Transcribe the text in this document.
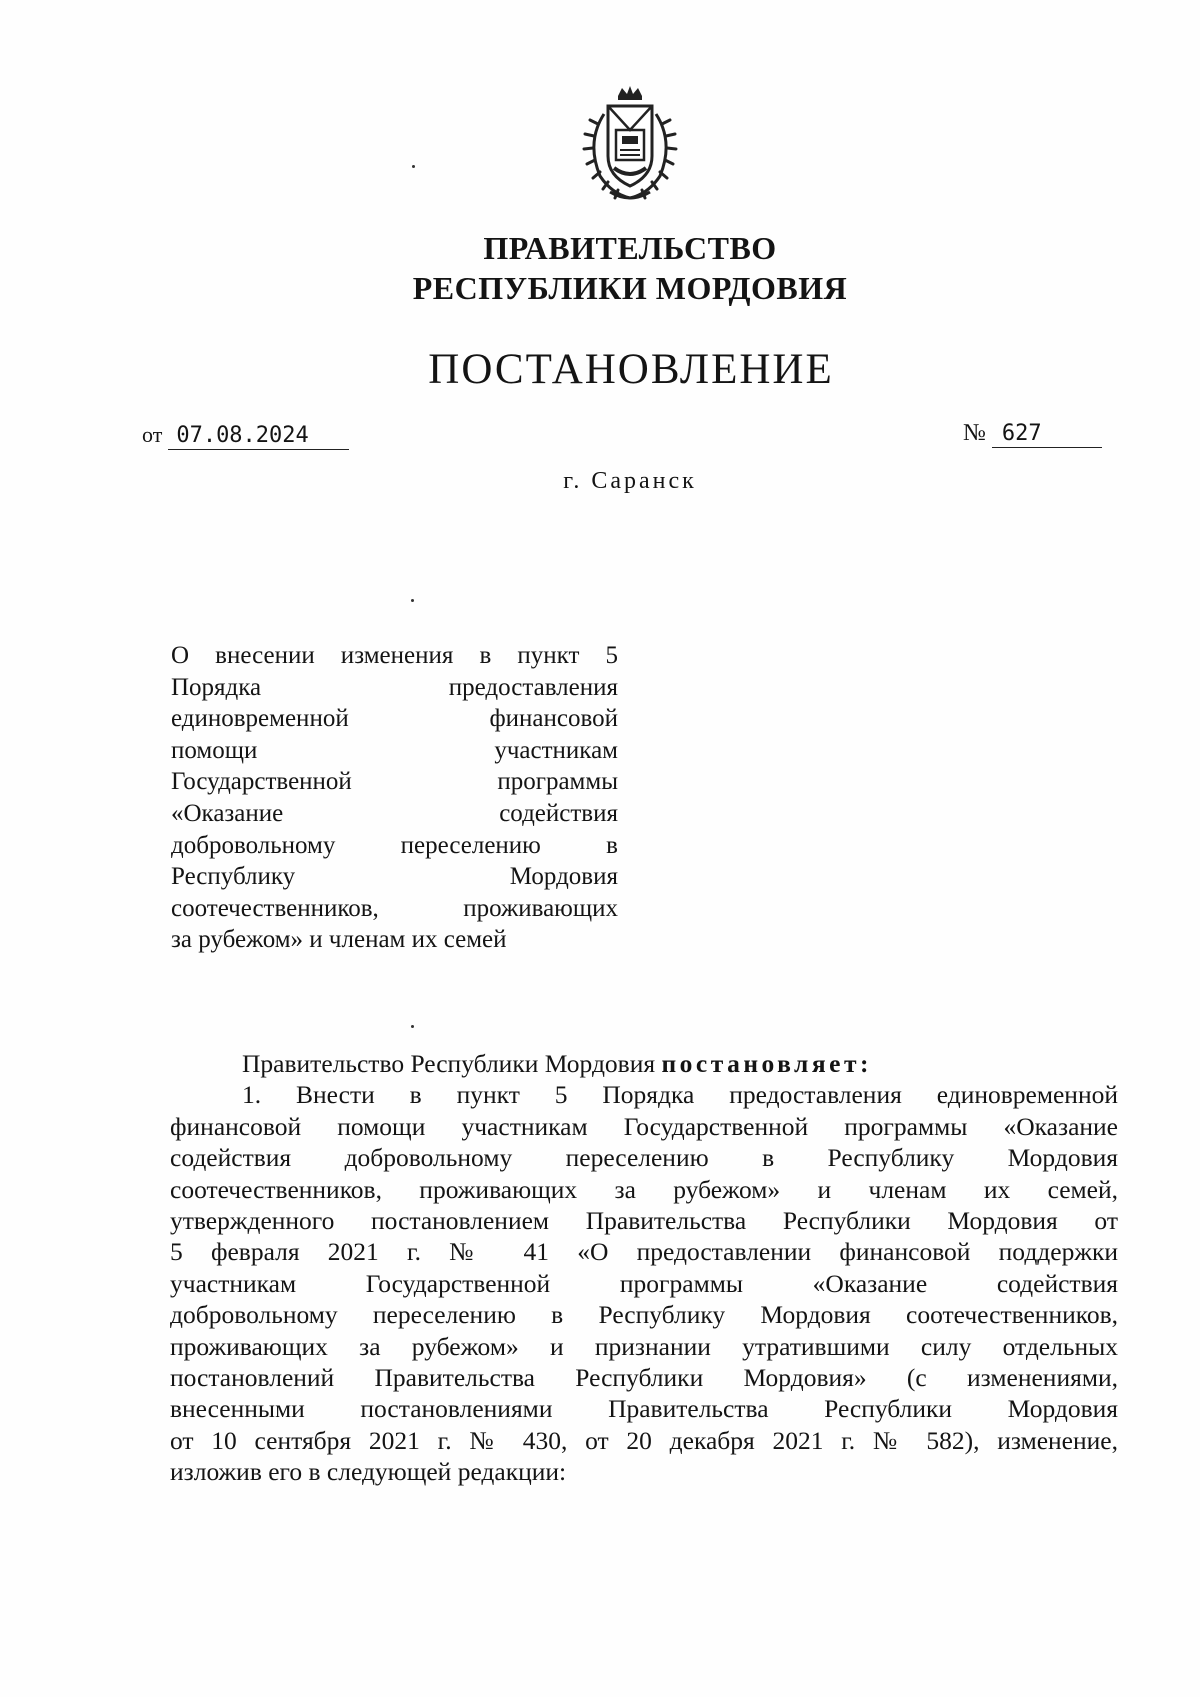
ПРАВИТЕЛЬСТВО
РЕСПУБЛИКИ МОРДОВИЯ
ПОСТАНОВЛЕНИЕ
от 07.08.2024	№ 627
г. Саранск
О внесении изменения в пункт 5
Порядка предоставления
единовременной финансовой
помощи участникам
Государственной программы
«Оказание содействия
добровольному переселению в
Республику Мордовия
соотечественников, проживающих
за рубежом» и членам их семей
Правительство Республики Мордовия постановляет:
1. Внести в пункт 5 Порядка предоставления единовременной
финансовой помощи участникам Государственной программы «Оказание
содействия добровольному переселению в Республику Мордовия
соотечественников, проживающих за рубежом» и членам их семей,
утвержденного постановлением Правительства Республики Мордовия от
5 февраля 2021 г. № 41 «О предоставлении финансовой поддержки
участникам Государственной программы «Оказание содействия
добровольному переселению в Республику Мордовия соотечественников,
проживающих за рубежом» и признании утратившими силу отдельных
постановлений Правительства Республики Мордовия» (с изменениями,
внесенными постановлениями Правительства Республики Мордовия
от 10 сентября 2021 г. № 430, от 20 декабря 2021 г. № 582), изменение,
изложив его в следующей редакции:
